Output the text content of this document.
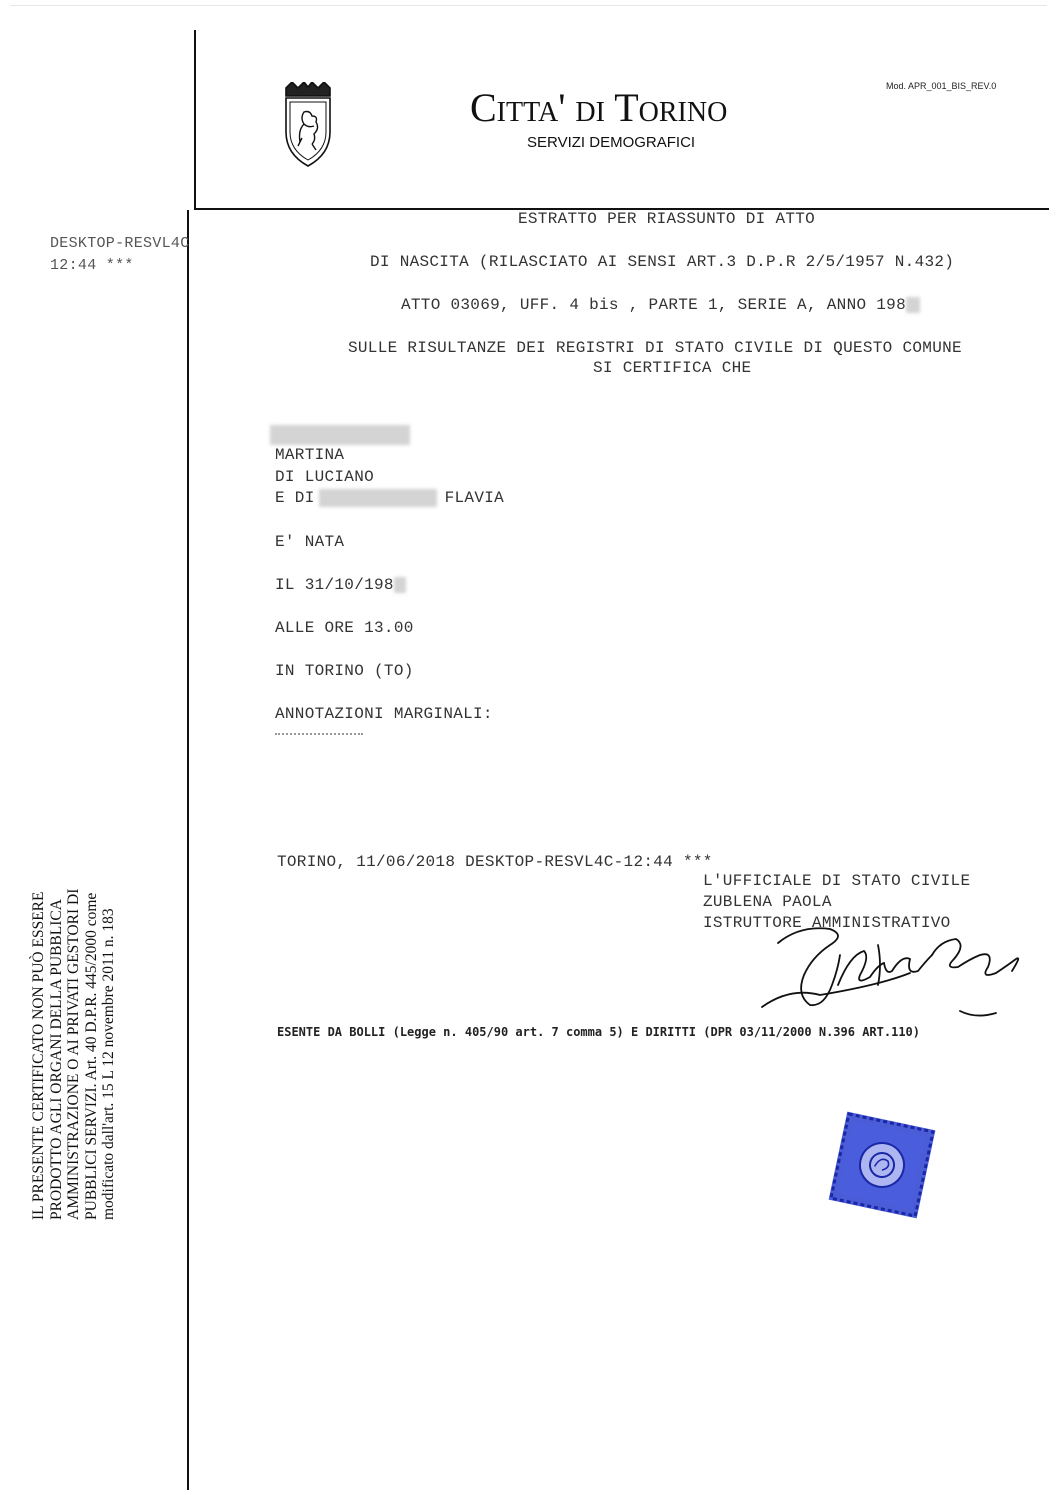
Citta' di Torino
SERVIZI DEMOGRAFICI
Mod. APR_001_BIS_REV.0
DESKTOP-RESVL4C
12:44 ***
ESTRATTO PER RIASSUNTO DI ATTO
DI NASCITA (RILASCIATO AI SENSI ART.3 D.P.R 2/5/1957 N.432)
ATTO 03069, UFF. 4 bis , PARTE 1, SERIE A, ANNO 198
SULLE RISULTANZE DEI REGISTRI DI STATO CIVILE DI QUESTO COMUNE
SI CERTIFICA CHE
MARTINA
DI LUCIANO
E DI	FLAVIA
E' NATA
IL 31/10/198
ALLE ORE 13.00
IN TORINO (TO)
ANNOTAZIONI MARGINALI:
TORINO, 11/06/2018 DESKTOP-RESVL4C-12:44 ***
L'UFFICIALE DI STATO CIVILE
ZUBLENA PAOLA
ISTRUTTORE AMMINISTRATIVO
ESENTE DA BOLLI (Legge n. 405/90 art. 7 comma 5) E DIRITTI (DPR 03/11/2000 N.396 ART.110)
IL PRESENTE CERTIFICATO NON PUÒ ESSERE PRODOTTO AGLI ORGANI DELLA PUBBLICA AMMINISTRAZIONE O AI PRIVATI GESTORI DI PUBBLICI SERVIZI. Art. 40 D.P.R. 445/2000 come modificato dall'art. 15 L 12 novembre 2011 n. 183
